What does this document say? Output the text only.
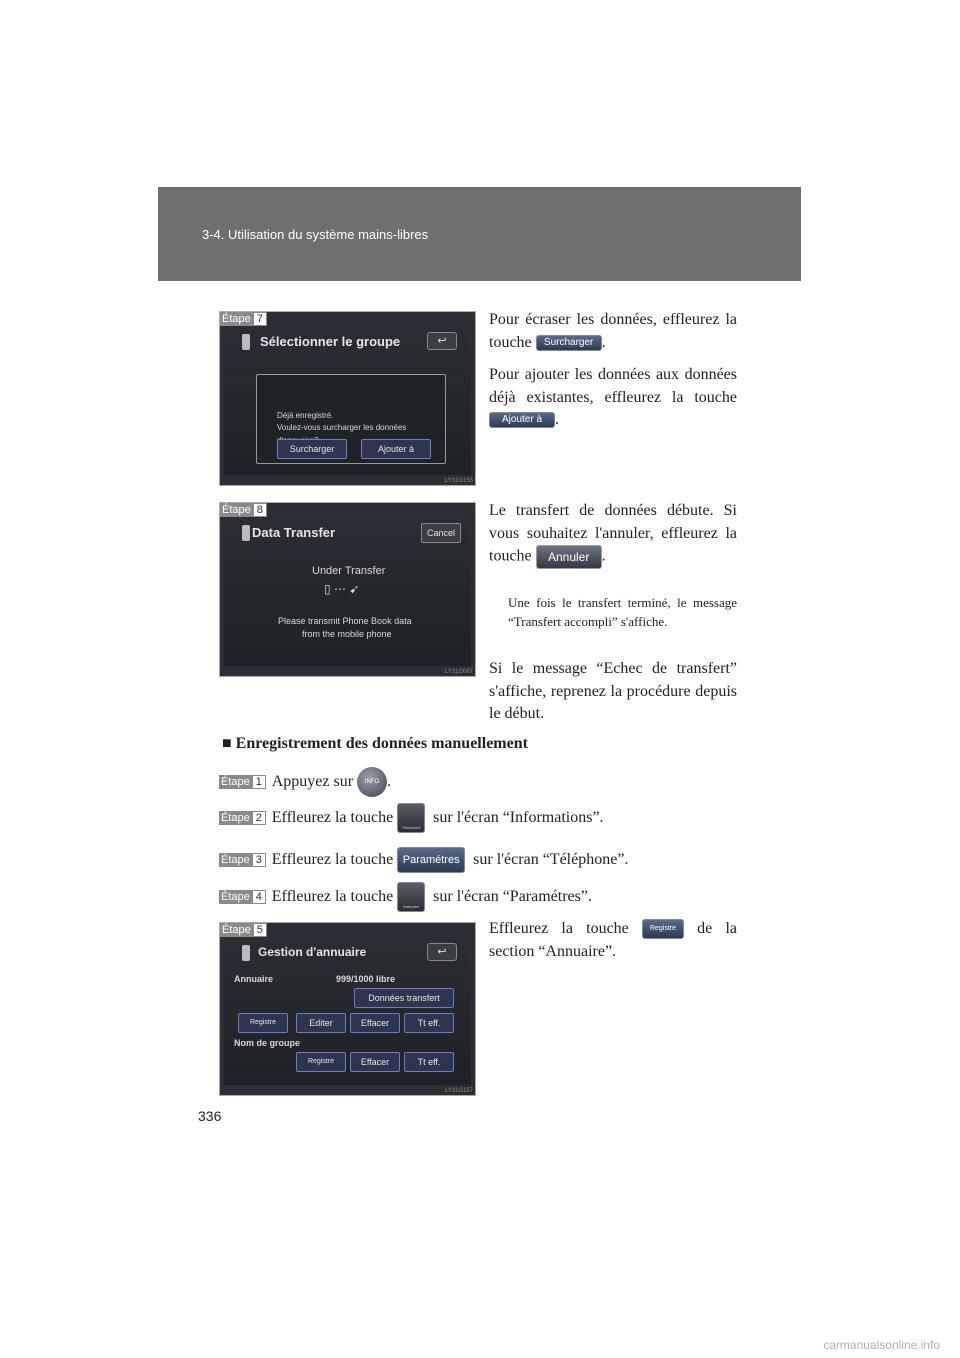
3-4. Utilisation du système mains-libres
Étape 7
Sélectionner le groupe	↩
Déjà enregistré.
Voulez-vous surcharger les données
Surcharger	Ajouter à
LY31G155
Pour écraser les données, effleurez la touche Surcharger .
Pour ajouter les données aux données déjà existantes, effleurez la touche Ajouter à .
Étape 8
Data Transfer	Cancel
Under Transfer
▯ ⋯ ➹
Please transmit Phone Book data
from the mobile phone
LY31G067
Le transfert de données débute. Si vous souhaitez l'annuler, effleurez la touche Annuler .
Une fois le transfert terminé, le message “Transfert accompli” s'affiche.
Si le message “Echec de transfert” s'affiche, reprenez la procédure depuis le début.
■ Enregistrement des données manuellement
Étape 1 Appuyez sur
	INFO .
Étape 2 Effleurez la touche

Téléphone

sur l'écran “Informations”.
Étape 3 Effleurez la touche
Paramétres
sur l'écran “Téléphone”.
Étape 4 Effleurez la touche

Annuaire

sur l'écran “Paramétres”.
Étape 5
Gestion d'annuaire	↩
Annuaire	999/1000 libre
Données transfert
Registre	Editer	Effacer	Tt eff.
Nom de groupe
Registre	Effacer	Tt eff.
LY31G157
Effleurez la touche	Registre de la section “Annuaire”.
336
carmanualsonline.info
